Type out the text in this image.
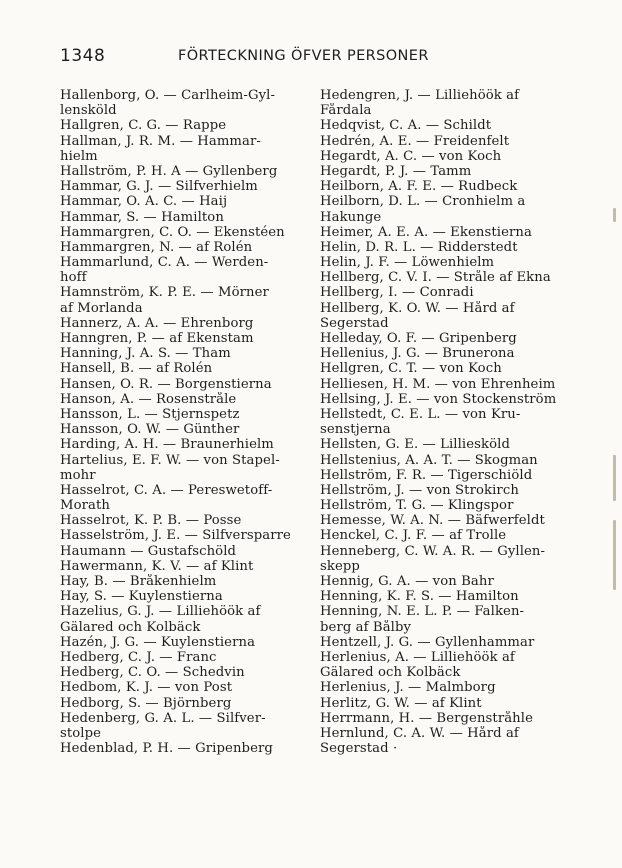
1348	FÖRTECKNING ÖFVER PERSONER
Hallenborg, O. — Carlheim-Gyl-
lensköld
Hallgren, C. G. — Rappe
Hallman, J. R. M. — Hammar-
hielm
Hallström, P. H. A — Gyllenberg
Hammar, G. J. — Silfverhielm
Hammar, O. A. C. — Haij
Hammar, S. — Hamilton
Hammargren, C. O. — Ekenstéen
Hammargren, N. — af Rolén
Hammarlund, C. A. — Werden-
hoff
Hamnström, K. P. E. — Mörner
af Morlanda
Hannerz, A. A. — Ehrenborg
Hanngren, P. — af Ekenstam
Hanning, J. A. S. — Tham
Hansell, B. — af Rolén
Hansen, O. R. — Borgenstierna
Hanson, A. — Rosenstråle
Hansson, L. — Stjernspetz
Hansson, O. W. — Günther
Harding, A. H. — Braunerhielm
Hartelius, E. F. W. — von Stapel-
mohr
Hasselrot, C. A. — Pereswetoff-
Morath
Hasselrot, K. P. B. — Posse
Hasselström, J. E. — Silfversparre
Haumann — Gustafschöld
Hawermann, K. V. — af Klint
Hay, B. — Bråkenhielm
Hay, S. — Kuylenstierna
Hazelius, G. J. — Lilliehöök af
Gälared och Kolbäck
Hazén, J. G. — Kuylenstierna
Hedberg, C. J. — Franc
Hedberg, C. O. — Schedvin
Hedbom, K. J. — von Post
Hedborg, S. — Björnberg
Hedenberg, G. A. L. — Silfver-
stolpe
Hedenblad, P. H. — Gripenberg
Hedengren, J. — Lilliehöök af
Fårdala
Hedqvist, C. A. — Schildt
Hedrén, A. E. — Freidenfelt
Hegardt, A. C. — von Koch
Hegardt, P. J. — Tamm
Heilborn, A. F. E. — Rudbeck
Heilborn, D. L. — Cronhielm a
Hakunge
Heimer, A. E. A. — Ekenstierna
Helin, D. R. L. — Ridderstedt
Helin, J. F. — Löwenhielm
Hellberg, C. V. I. — Stråle af Ekna
Hellberg, I. — Conradi
Hellberg, K. O. W. — Hård af
Segerstad
Helleday, O. F. — Gripenberg
Hellenius, J. G. — Brunerona
Hellgren, C. T. — von Koch
Helliesen, H. M. — von Ehrenheim
Hellsing, J. E. — von Stockenström
Hellstedt, C. E. L. — von Kru-
senstjerna
Hellsten, G. E. — Lilliesköld
Hellstenius, A. A. T. — Skogman
Hellström, F. R. — Tigerschiöld
Hellström, J. — von Strokirch
Hellström, T. G. — Klingspor
Hemesse, W. A. N. — Bäfwerfeldt
Henckel, C. J. F. — af Trolle
Henneberg, C. W. A. R. — Gyllen-
skepp
Hennig, G. A. — von Bahr
Henning, K. F. S. — Hamilton
Henning, N. E. L. P. — Falken-
berg af Bålby
Hentzell, J. G. — Gyllenhammar
Herlenius, A. — Lilliehöök af
Gälared och Kolbäck
Herlenius, J. — Malmborg
Herlitz, G. W. — af Klint
Herrmann, H. — Bergenstråhle
Hernlund, C. A. W. — Hård af
Segerstad ·
